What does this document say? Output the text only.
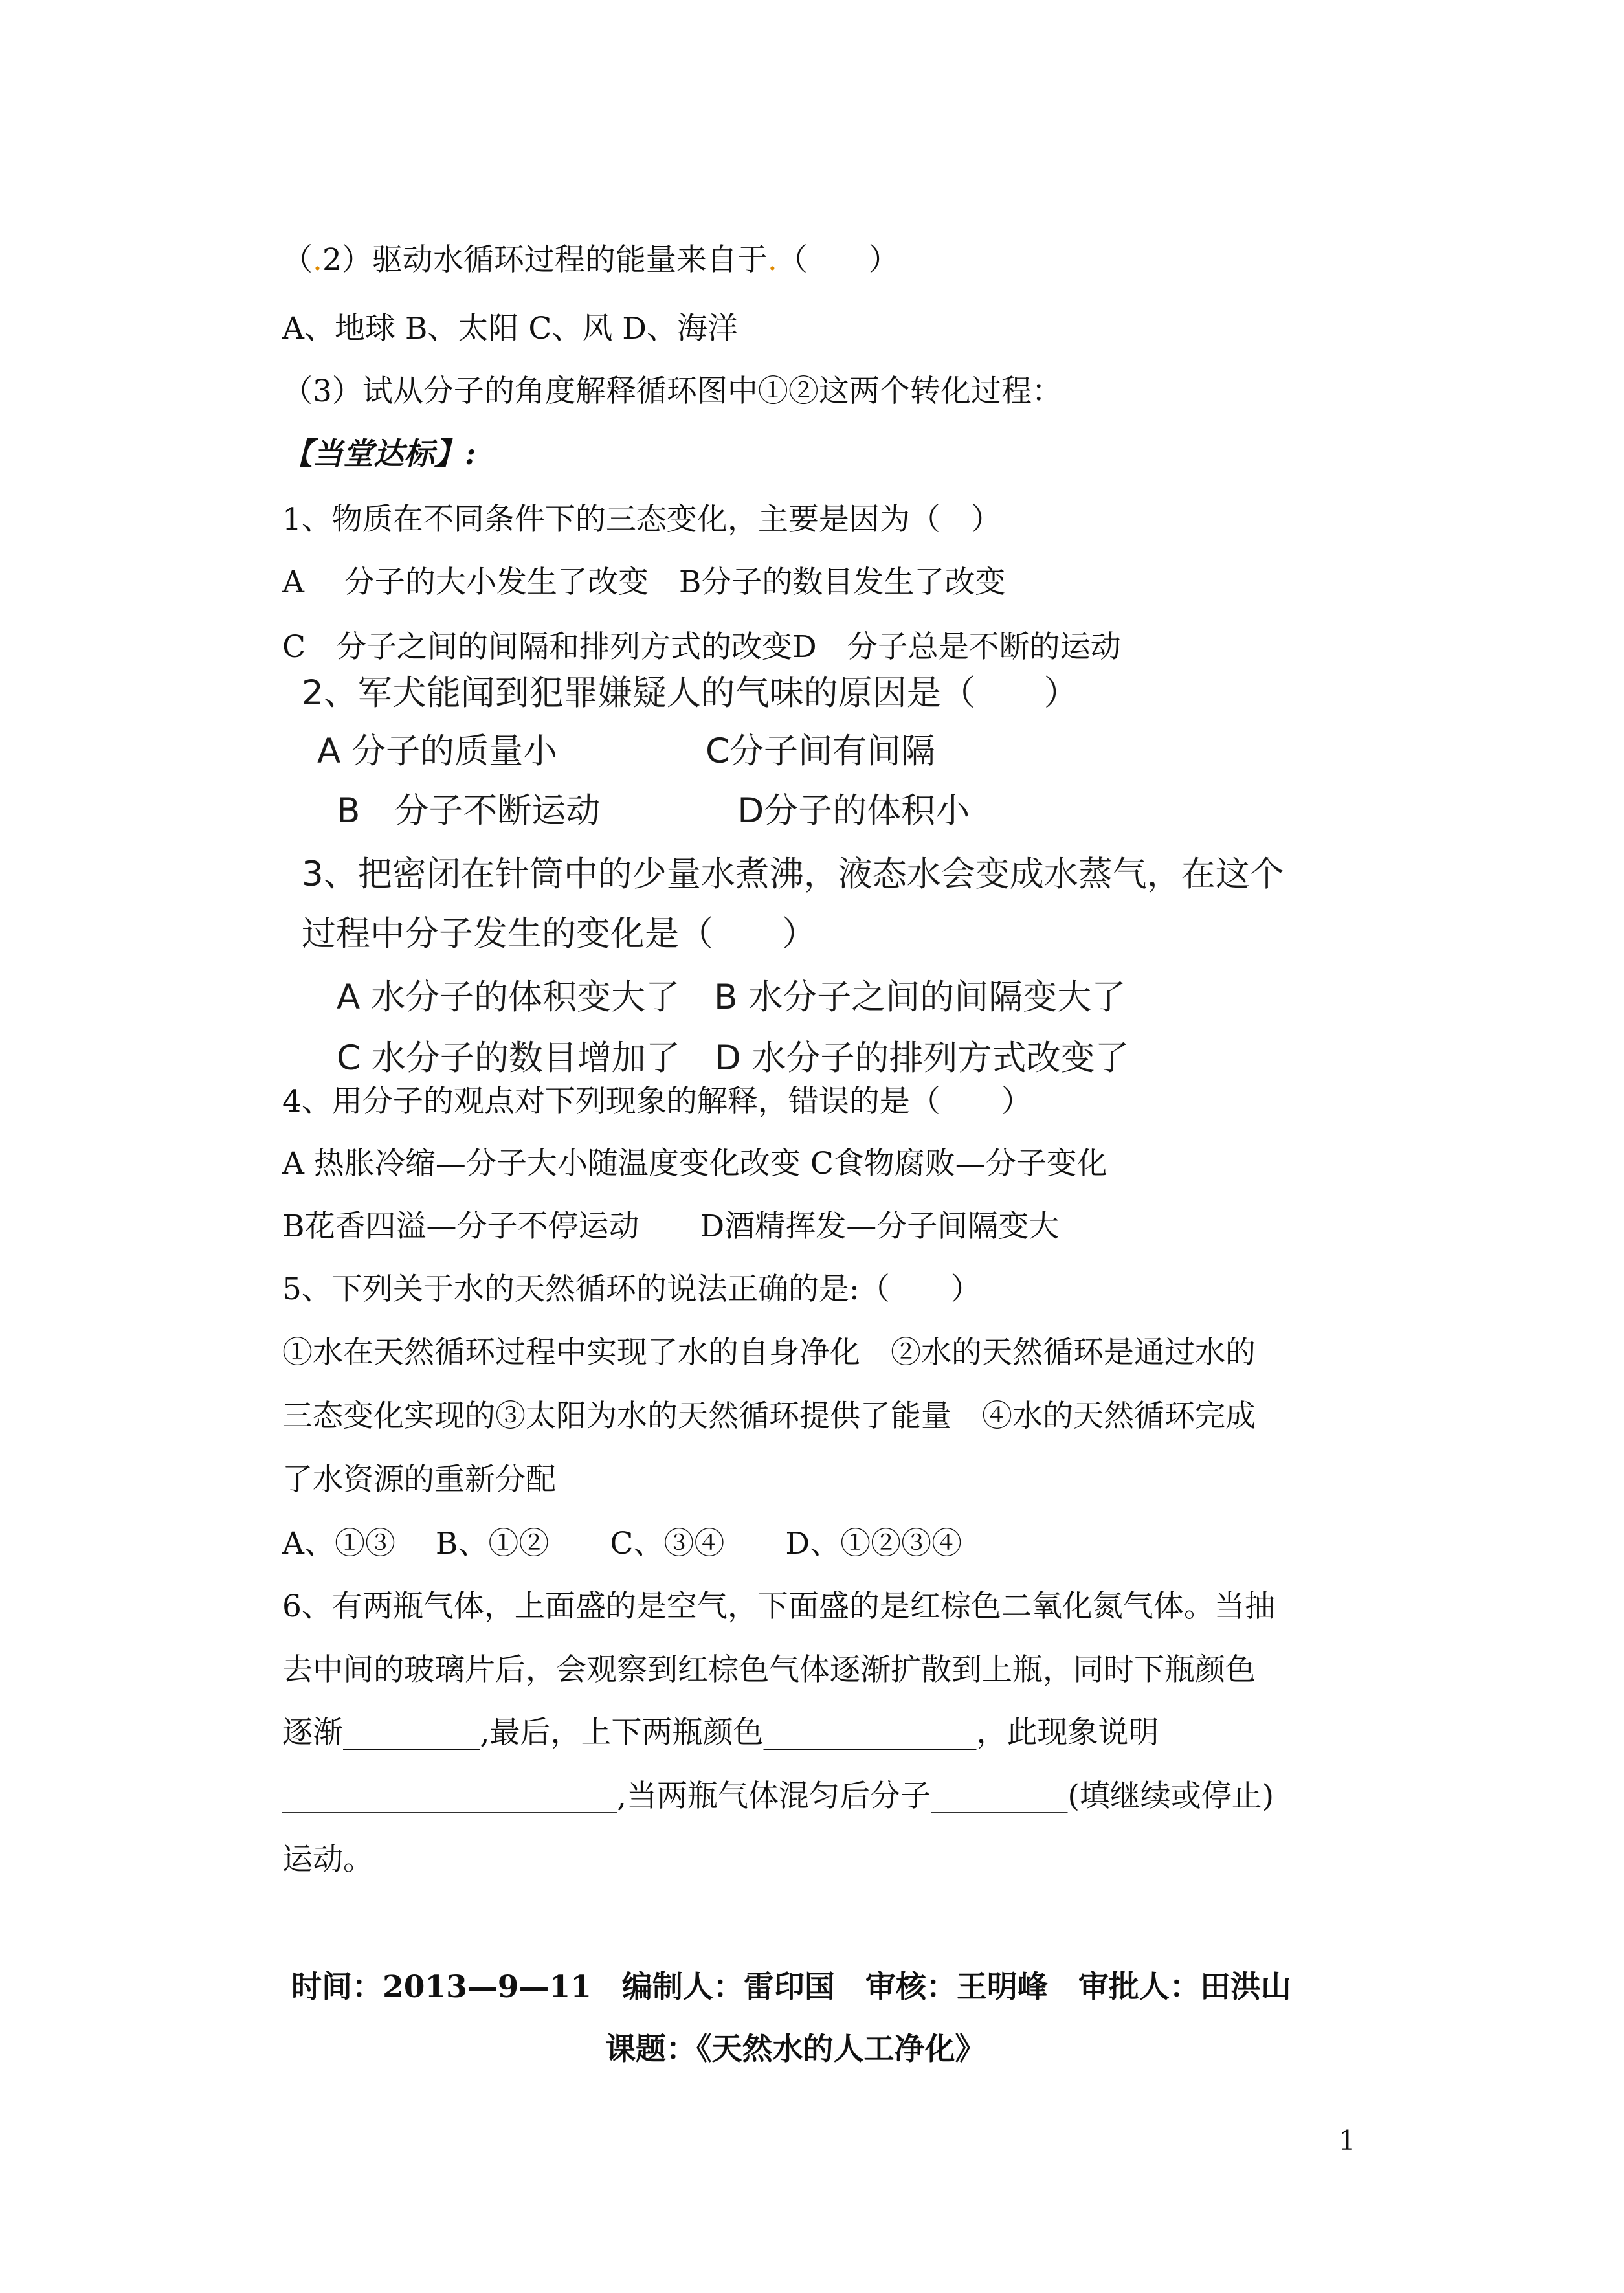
（.2）驱动水循环过程的能量来自于.（　　）
A、地球 B、太阳 C、风 D、海洋
（3）试从分子的角度解释循环图中①②这两个转化过程：
【当堂达标】:
1、物质在不同条件下的三态变化，主要是因为（　）
A　 分子的大小发生了改变　B分子的数目发生了改变
C　分子之间的间隔和排列方式的改变D　分子总是不断的运动
2、军犬能闻到犯罪嫌疑人的气味的原因是（　　）
A 分子的质量小　　　　 C分子间有间隔
B　分子不断运动　　　　D分子的体积小
3、把密闭在针筒中的少量水煮沸，液态水会变成水蒸气，在这个
过程中分子发生的变化是（　　）
A 水分子的体积变大了　B 水分子之间的间隔变大了
C 水分子的数目增加了　D 水分子的排列方式改变了
4、用分子的观点对下列现象的解释，错误的是（　　）
A 热胀冷缩—分子大小随温度变化改变 C食物腐败—分子变化
B花香四溢—分子不停运动　　D酒精挥发—分子间隔变大
5、下列关于水的天然循环的说法正确的是:（　　）
①水在天然循环过程中实现了水的自身净化　②水的天然循环是通过水的
三态变化实现的③太阳为水的天然循环提供了能量　④水的天然循环完成
了水资源的重新分配
A、①③　 B、①②　　C、③④　　D、①②③④
6、有两瓶气体，上面盛的是空气，下面盛的是红棕色二氧化氮气体。当抽
去中间的玻璃片后，会观察到红棕色气体逐渐扩散到上瓶，同时下瓶颜色
逐渐_________,最后，上下两瓶颜色______________，此现象说明
______________________,当两瓶气体混匀后分子_________(填继续或停止)
运动。
时间：2013—9—11　编制人：雷印国　审核：王明峰　审批人：田洪山
课题：《天然水的人工净化》
1
